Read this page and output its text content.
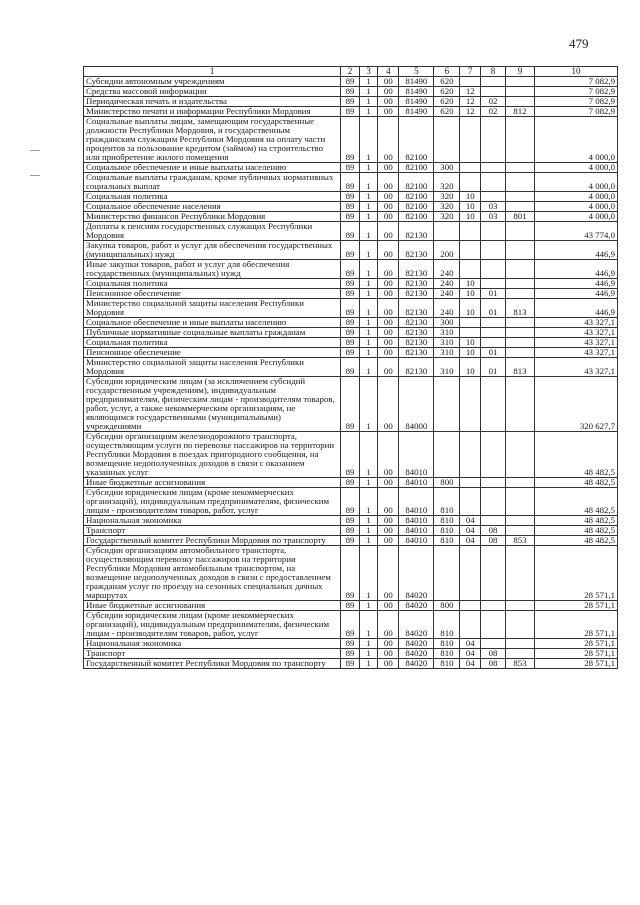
479
1	2	3	4	5	6	7	8	9	10
Субсидии автономным учреждениям	89	1	00	81490	620				7 082,9
Средства массовой информации	89	1	00	81490	620	12			7 082,9
Периодическая печать и издательства	89	1	00	81490	620	12	02		7 082,9
Министерство печати и информации Республики Мордовия	89	1	00	81490	620	12	02	812	7 082,9
Социальные выплаты лицам, замещающим государственные должности Республики Мордовия, и государственным гражданским служащим Республики Мордовия на оплату части процентов за пользование кредитом (займом) на строительство или приобретение жилого помещения	89	1	00	82100					4 000,0
Социальное обеспечение и иные выплаты населению	89	1	00	82100	300				4 000,0
Социальные выплаты гражданам, кроме публичных нормативных социальных выплат	89	1	00	82100	320				4 000,0
Социальная политика	89	1	00	82100	320	10			4 000,0
Социальное обеспечение населения	89	1	00	82100	320	10	03		4 000,0
Министерство финансов Республики Мордовия	89	1	00	82100	320	10	03	801	4 000,0
Доплаты к пенсиям государственных служащих Республики Мордовия	89	1	00	82130					43 774,0
Закупка товаров, работ и услуг для обеспечения государственных (муниципальных) нужд	89	1	00	82130	200				446,9
Иные закупки товаров, работ и услуг для обеспечения государственных (муниципальных) нужд	89	1	00	82130	240				446,9
Социальная политика	89	1	00	82130	240	10			446,9
Пенсионное обеспечение	89	1	00	82130	240	10	01		446,9
Министерство социальной защиты населения Республики Мордовия	89	1	00	82130	240	10	01	813	446,9
Социальное обеспечение и иные выплаты населению	89	1	00	82130	300				43 327,1
Публичные нормативные социальные выплаты гражданам	89	1	00	82130	310				43 327,1
Социальная политика	89	1	00	82130	310	10			43 327,1
Пенсионное обеспечение	89	1	00	82130	310	10	01		43 327,1
Министерство социальной защиты населения Республики Мордовия	89	1	00	82130	310	10	01	813	43 327,1
Субсидии юридическим лицам (за исключением субсидий государственным учреждениям), индивидуальным предпринимателям, физическим лицам - производителям товаров, работ, услуг, а также некоммерческим организациям, не являющимся государственными (муниципальными) учреждениями	89	1	00	84000					320 627,7
Субсидии организациям железнодорожного транспорта, осуществляющим услуги по перевозке пассажиров на территории Республики Мордовия в поездах пригородного сообщения, на возмещение недополученных доходов в связи с оказанием указанных услуг	89	1	00	84010					48 482,5
Иные бюджетные ассигнования	89	1	00	84010	800				48 482,5
Субсидии юридическим лицам (кроме некоммерческих организаций), индивидуальным предпринимателям, физическим лицам - производителям товаров, работ, услуг	89	1	00	84010	810				48 482,5
Национальная экономика	89	1	00	84010	810	04			48 482,5
Транспорт	89	1	00	84010	810	04	08		48 482,5
Государственный комитет Республики Мордовия по транспорту	89	1	00	84010	810	04	08	853	48 482,5
Субсидии организациям автомобильного транспорта, осуществляющим перевозку пассажиров на территории Республики Мордовия автомобильным транспортом, на возмещение недополученных доходов в связи с предоставлением гражданам услуг по проезду на сезонных специальных дачных маршрутах	89	1	00	84020					28 571,1
Иные бюджетные ассигнования	89	1	00	84020	800				28 571,1
Субсидии юридическим лицам (кроме некоммерческих организаций), индивидуальным предпринимателям, физическим лицам - производителям товаров, работ, услуг	89	1	00	84020	810				28 571,1
Национальная экономика	89	1	00	84020	810	04			28 571,1
Транспорт	89	1	00	84020	810	04	08		28 571,1
Государственный комитет Республики Мордовия по транспорту	89	1	00	84020	810	04	08	853	28 571,1
